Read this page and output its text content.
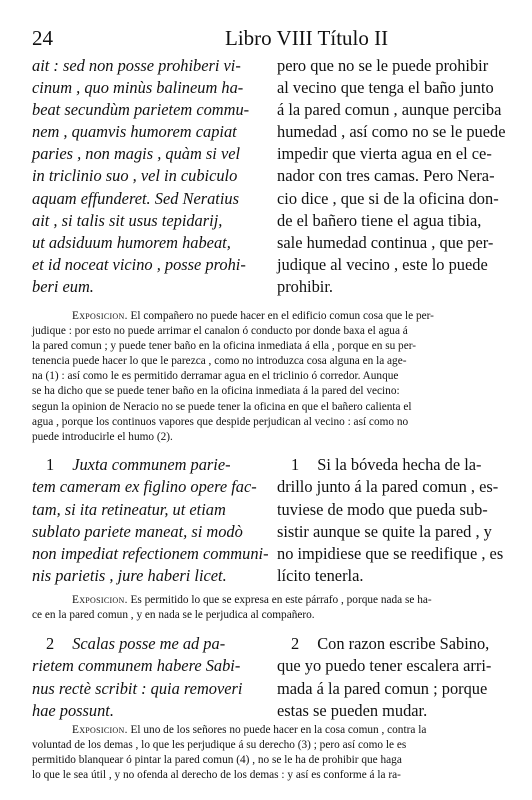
24	Libro VIII Título II
ait : sed non posse prohiberi vi-
cinum , quo minùs balineum ha-
beat secundùm parietem commu-
nem , quamvis humorem capiat
paries , non magis , quàm si vel
in triclinio suo , vel in cubiculo
aquam effunderet. Sed Neratius
ait , si talis sit usus tepidarij,
ut adsiduum humorem habeat,
et id noceat vicino , posse prohi-
beri eum.
pero que no se le puede prohibir
al vecino que tenga el baño junto
á la pared comun , aunque perciba
humedad , así como no se le puede
impedir que vierta agua en el ce-
nador con tres camas. Pero Nera-
cio dice , que si de la oficina don-
de el bañero tiene el agua tibia,
sale humedad continua , que per-
judique al vecino , este lo puede
prohibir.
Exposicion. El compañero no puede hacer en el edificio comun cosa que le per-
judique : por esto no puede arrimar el canalon ó conducto por donde baxa el agua á
la pared comun ; y puede tener baño en la oficina inmediata á ella , porque en su per-
tenencia puede hacer lo que le parezca , como no introduzca cosa alguna en la age-
na (1) : así como le es permitido derramar agua en el triclinio ó corredor. Aunque
se ha dicho que se puede tener baño en la oficina inmediata á la pared del vecino:
segun la opinion de Neracio no se puede tener la oficina en que el bañero calienta el
agua , porque los continuos vapores que despide perjudican al vecino : así como no
puede introducirle el humo (2).
1 Juxta communem parie-
tem cameram ex figlino opere fac-
tam, si ita retineatur, ut etiam
sublato pariete maneat, si modò
non impediat refectionem communi-
nis parietis , jure haberi licet.
1 Si la bóveda hecha de la-
drillo junto á la pared comun , es-
tuviese de modo que pueda sub-
sistir aunque se quite la pared , y
no impidiese que se reedifique , es
lícito tenerla.
Exposicion. Es permitido lo que se expresa en este párrafo , porque nada se ha-
ce en la pared comun , y en nada se le perjudica al compañero.
2 Scalas posse me ad pa-
rietem communem habere Sabi-
nus rectè scribit : quia removeri
hae possunt.
2 Con razon escribe Sabino,
que yo puedo tener escalera arri-
mada á la pared comun ; porque
estas se pueden mudar.
Exposicion. El uno de los señores no puede hacer en la cosa comun , contra la
voluntad de los demas , lo que les perjudique á su derecho (3) ; pero así como le es
permitido blanquear ó pintar la pared comun (4) , no se le ha de prohibir que haga
lo que le sea útil , y no ofenda al derecho de los demas : y así es conforme á la ra-
